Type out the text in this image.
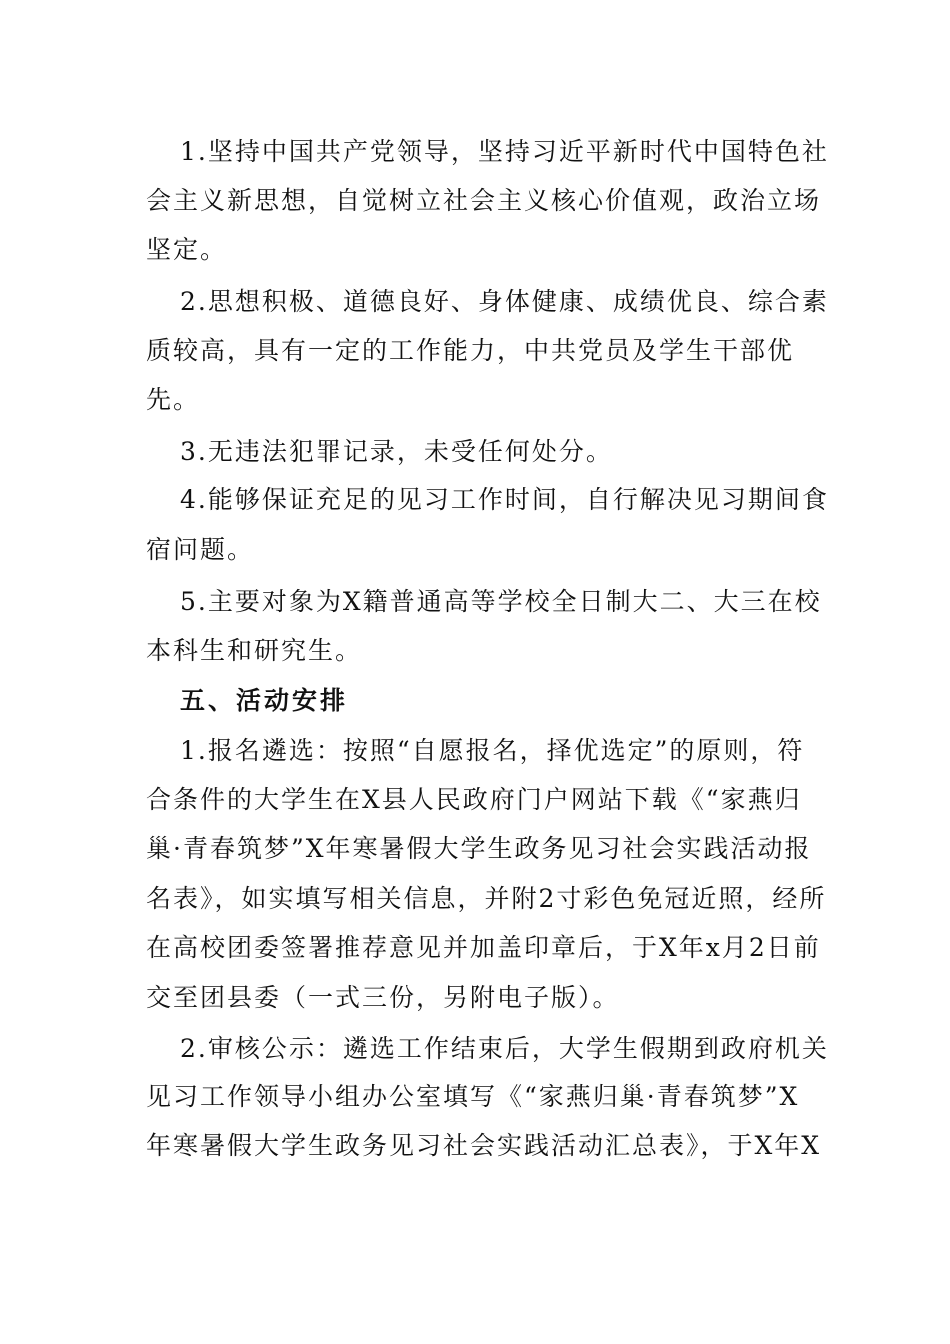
1.坚持中国共产党领导，坚持习近平新时代中国特色社
会主义新思想，自觉树立社会主义核心价值观，政治立场
坚定。
2.思想积极、道德良好、身体健康、成绩优良、综合素
质较高，具有一定的工作能力，中共党员及学生干部优
先。
3.无违法犯罪记录，未受任何处分。
4.能够保证充足的见习工作时间，自行解决见习期间食
宿问题。
5.主要对象为X籍普通高等学校全日制大二、大三在校
本科生和研究生。
五、活动安排
1.报名遴选：按照“自愿报名，择优选定”的原则，符
合条件的大学生在X县人民政府门户网站下载《“家燕归
巢·青春筑梦”X年寒暑假大学生政务见习社会实践活动报
名表》，如实填写相关信息，并附2寸彩色免冠近照，经所
在高校团委签署推荐意见并加盖印章后，于X年x月2日前
交至团县委（一式三份，另附电子版）。
2.审核公示：遴选工作结束后，大学生假期到政府机关
见习工作领导小组办公室填写《“家燕归巢·青春筑梦”X
年寒暑假大学生政务见习社会实践活动汇总表》，于X年X
